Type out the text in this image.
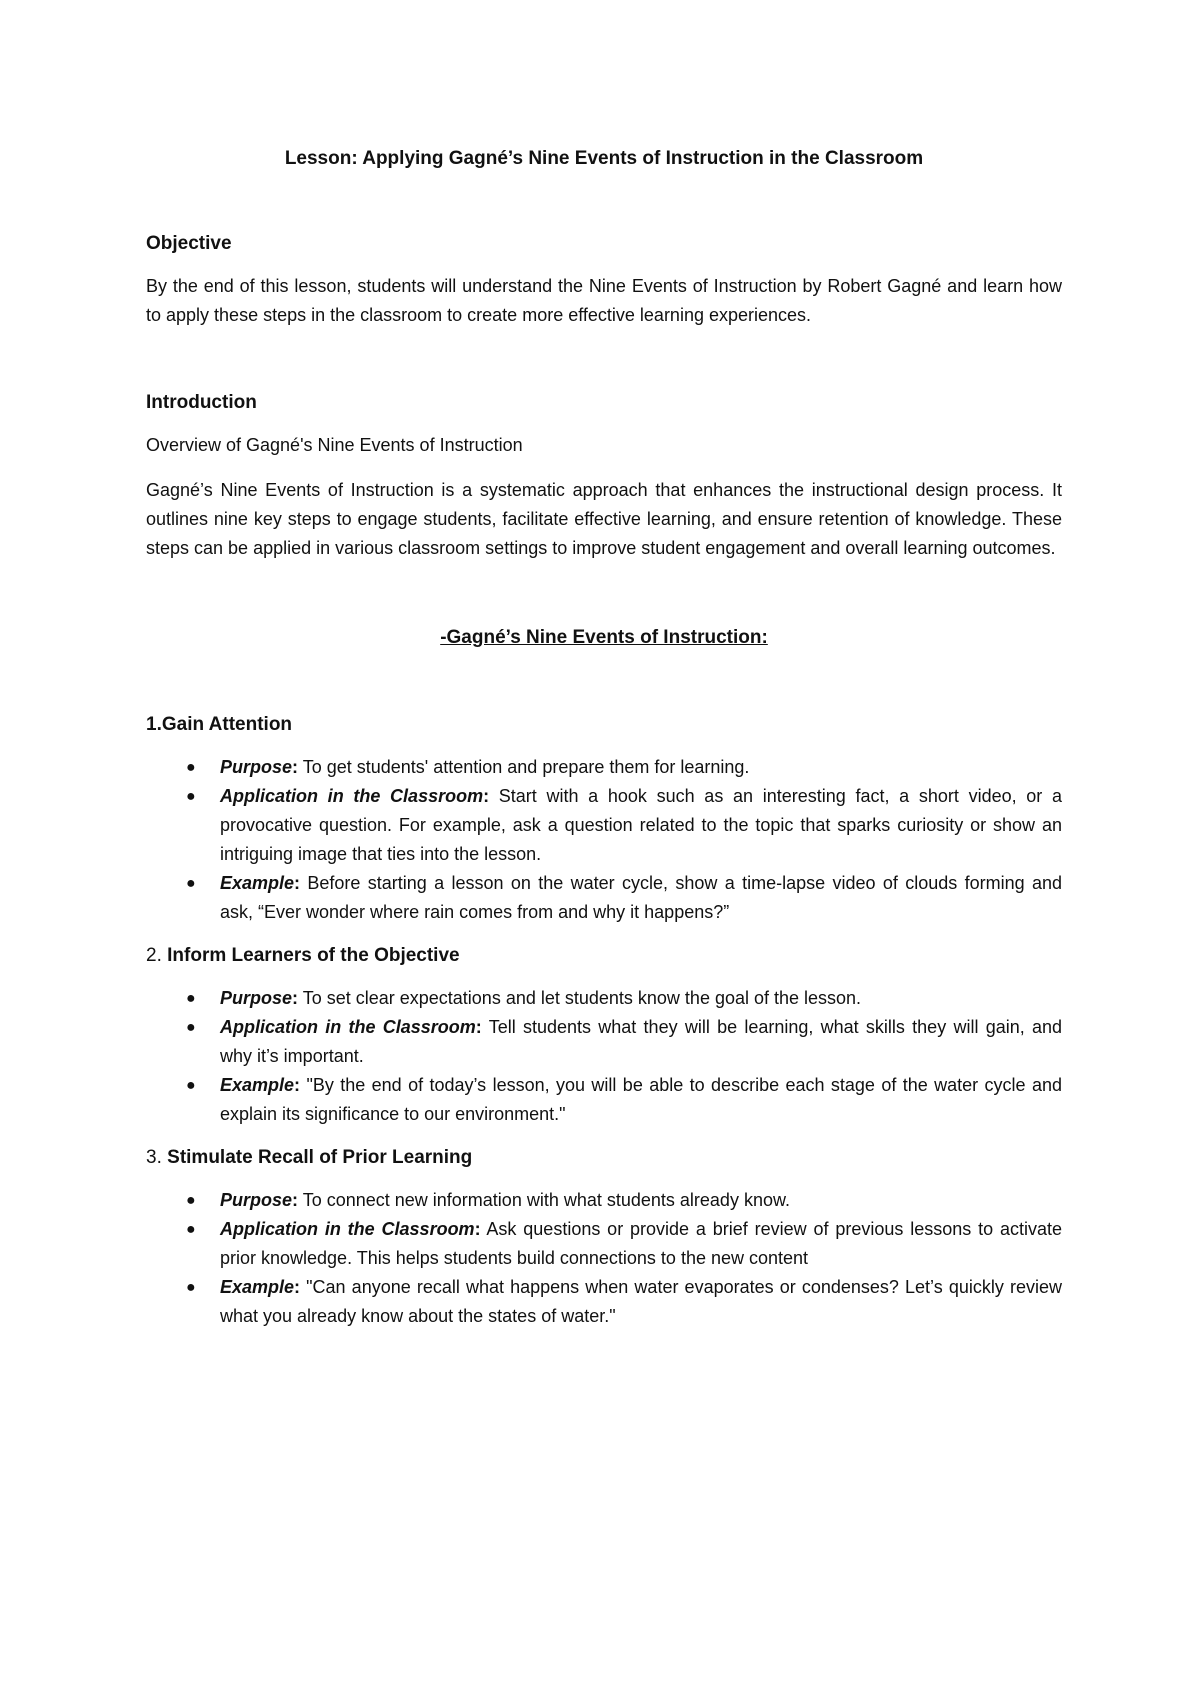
Lesson: Applying Gagné’s Nine Events of Instruction in the Classroom
Objective

By the end of this lesson, students will understand the Nine Events of Instruction by Robert Gagné and learn how to apply these steps in the classroom to create more effective learning experiences.

Introduction

Overview of Gagné's Nine Events of Instruction

Gagné’s Nine Events of Instruction is a systematic approach that enhances the instructional design process. It outlines nine key steps to engage students, facilitate effective learning, and ensure retention of knowledge. These steps can be applied in various classroom settings to improve student engagement and overall learning outcomes.

-Gagné’s Nine Events of Instruction:
1.Gain Attention
● Purpose: To get students' attention and prepare them for learning.
● Application in the Classroom: Start with a hook such as an interesting fact, a short video, or a provocative question. For example, ask a question related to the topic that sparks curiosity or show an intriguing image that ties into the lesson.
● Example: Before starting a lesson on the water cycle, show a time-lapse video of clouds forming and ask, “Ever wonder where rain comes from and why it happens?”
2. Inform Learners of the Objective
● Purpose: To set clear expectations and let students know the goal of the lesson.
● Application in the Classroom: Tell students what they will be learning, what skills they will gain, and why it’s important.
● Example: "By the end of today’s lesson, you will be able to describe each stage of the water cycle and explain its significance to our environment."
3. Stimulate Recall of Prior Learning
● Purpose: To connect new information with what students already know.
● Application in the Classroom: Ask questions or provide a brief review of previous lessons to activate prior knowledge. This helps students build connections to the new content
● Example: "Can anyone recall what happens when water evaporates or condenses? Let’s quickly review what you already know about the states of water."
